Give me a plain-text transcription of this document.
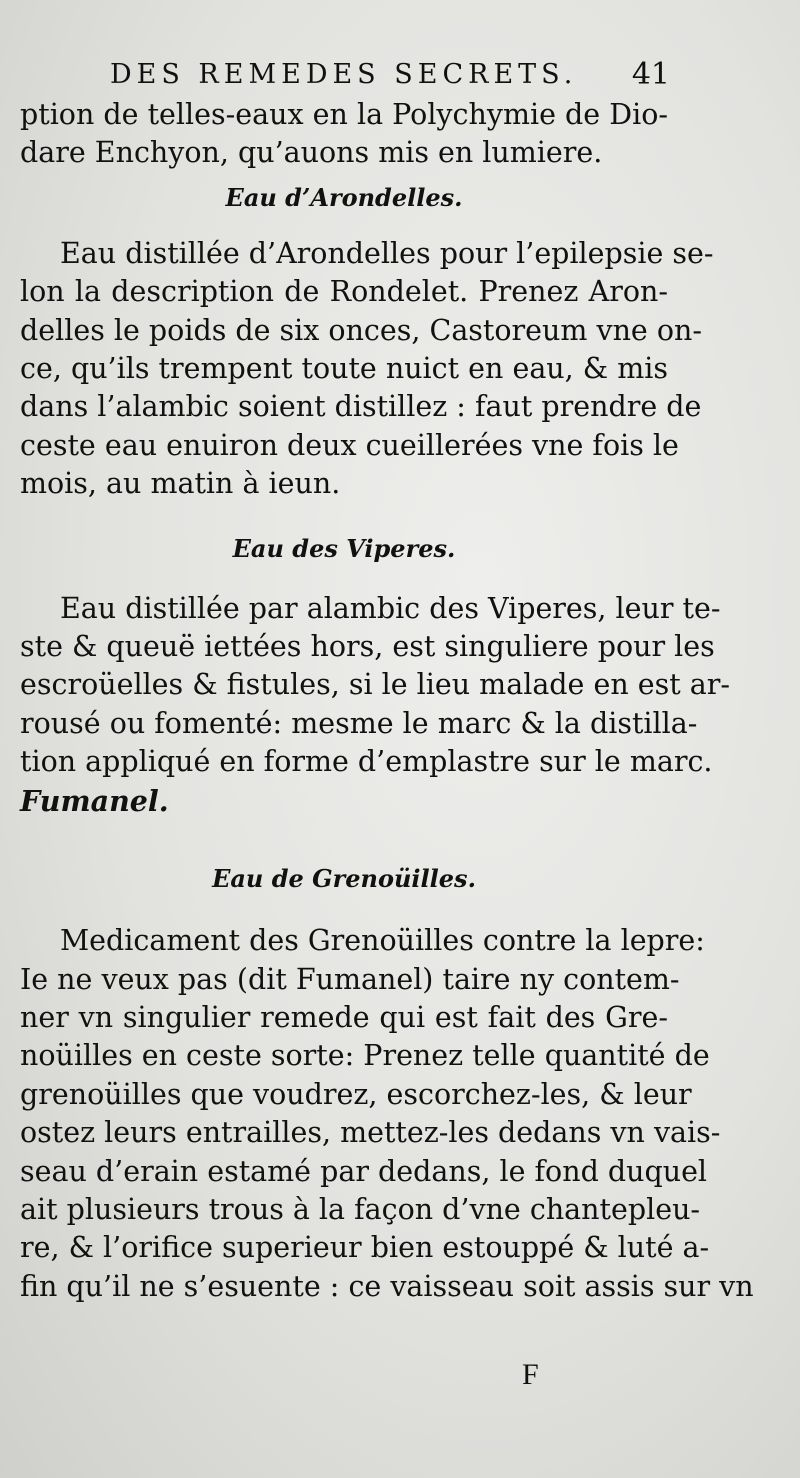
DES REMEDES SECRETS. 41

ption de telles-eaux en la Polychymie de Dio-
dare Enchyon, qu’auons mis en lumiere.

Eau d’Arondelles.

Eau distillée d’Arondelles pour l’epilepsie se-
lon la description de Rondelet. Prenez Aron-
delles le poids de six onces, Castoreum vne on-
ce, qu’ils trempent toute nuict en eau, & mis
dans l’alambic soient distillez : faut prendre de
ceste eau enuiron deux cueillerées vne fois le
mois, au matin à ieun.

Eau des Viperes.

Eau distillée par alambic des Viperes, leur te-
ste & queuë iettées hors, est singuliere pour les
escroüelles & fistules, si le lieu malade en est ar-
rousé ou fomenté: mesme le marc & la distilla-
tion appliqué en forme d’emplastre sur le marc.
Fumanel.

Eau de Grenoüilles.

Medicament des Grenoüilles contre la lepre:
Ie ne veux pas (dit Fumanel) taire ny contem-
ner vn singulier remede qui est fait des Gre-
noüilles en ceste sorte: Prenez telle quantité de
grenoüilles que voudrez, escorchez-les, & leur
ostez leurs entrailles, mettez-les dedans vn vais-
seau d’erain estamé par dedans, le fond duquel
ait plusieurs trous à la façon d’vne chantepleu-
re, & l’orifice superieur bien estouppé & luté a-
fin qu’il ne s’esuente : ce vaisseau soit assis sur vn

F
